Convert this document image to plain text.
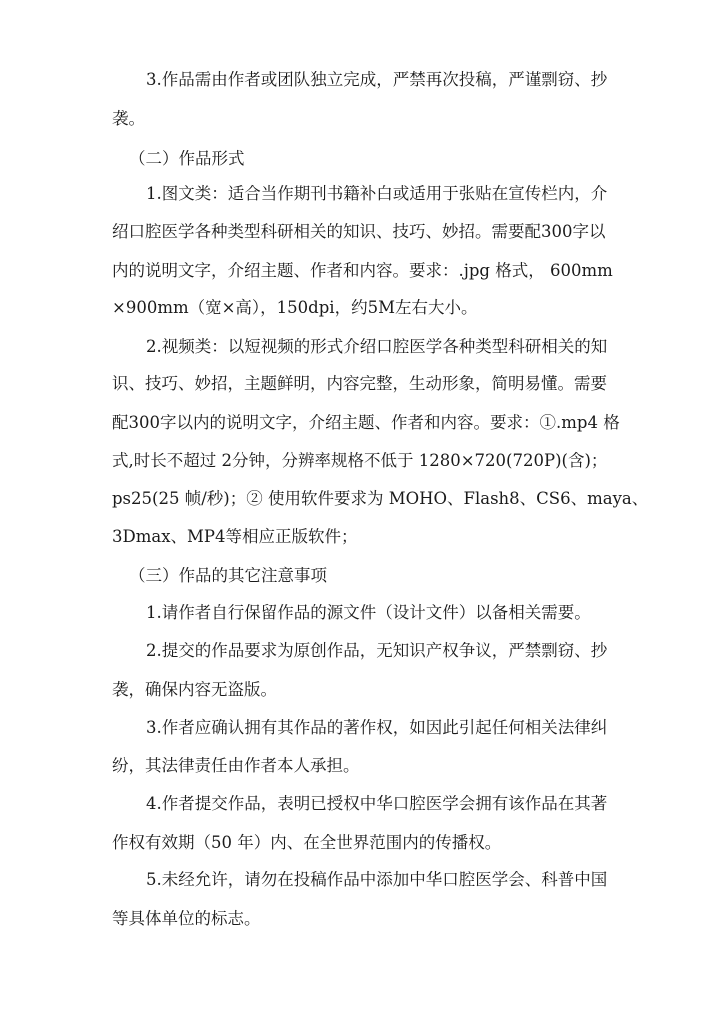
3.作品需由作者或团队独立完成，严禁再次投稿，严谨剽窃、抄
袭。
（二）作品形式
1.图文类：适合当作期刊书籍补白或适用于张贴在宣传栏内，介
绍口腔医学各种类型科研相关的知识、技巧、妙招。需要配300字以
内的说明文字，介绍主题、作者和内容。要求：.jpg 格式， 600mm
×900mm（宽×高），150dpi，约5M左右大小。
2.视频类：以短视频的形式介绍口腔医学各种类型科研相关的知
识、技巧、妙招，主题鲜明，内容完整，生动形象，简明易懂。需要
配300字以内的说明文字，介绍主题、作者和内容。要求：①.mp4 格
式,时长不超过 2分钟，分辨率规格不低于 1280×720(720P)(含)；
ps25(25 帧/秒)；② 使用软件要求为 MOHO、Flash8、CS6、maya、
3Dmax、MP4等相应正版软件；
（三）作品的其它注意事项
1.请作者自行保留作品的源文件（设计文件）以备相关需要。
2.提交的作品要求为原创作品，无知识产权争议，严禁剽窃、抄
袭，确保内容无盗版。
3.作者应确认拥有其作品的著作权，如因此引起任何相关法律纠
纷，其法律责任由作者本人承担。
4.作者提交作品，表明已授权中华口腔医学会拥有该作品在其著
作权有效期（50 年）内、在全世界范围内的传播权。
5.未经允许，请勿在投稿作品中添加中华口腔医学会、科普中国
等具体单位的标志。
